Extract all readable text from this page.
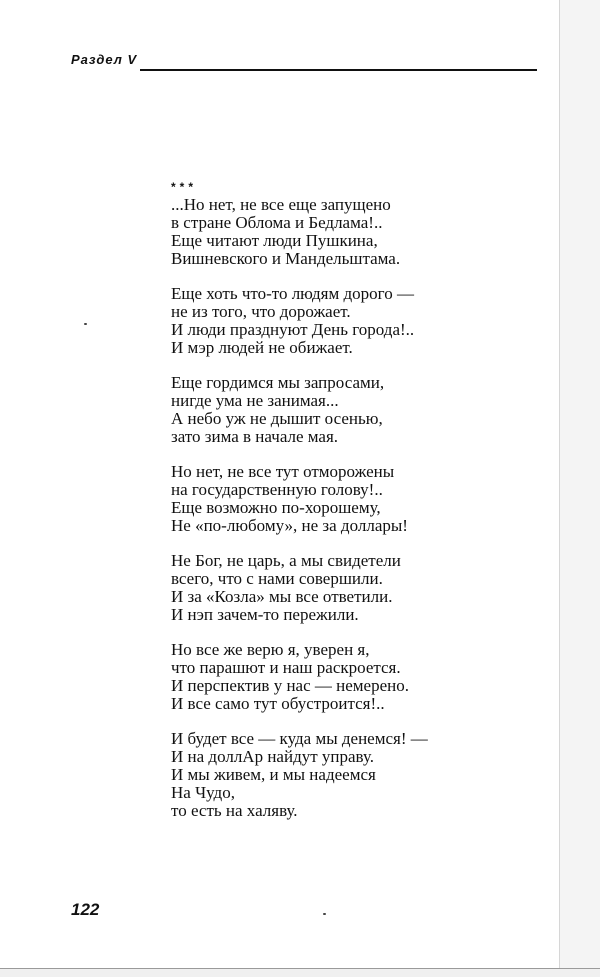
Раздел V
***
...Но нет, не все еще запущено
в стране Облома и Бедлама!..
Еще читают люди Пушкина,
Вишневского и Мандельштама.
Еще хоть что-то людям дорого —
не из того, что дорожает.
И люди празднуют День города!..
И мэр людей не обижает.
Еще гордимся мы запросами,
нигде ума не занимая...
А небо уж не дышит осенью,
зато зима в начале мая.
Но нет, не все тут отморожены
на государственную голову!..
Еще возможно по-хорошему,
Не «по-любому», не за доллары!
Не Бог, не царь, а мы свидетели
всего, что с нами совершили.
И за «Козла» мы все ответили.
И нэп зачем-то пережили.
Но все же верю я, уверен я,
что парашют и наш раскроется.
И перспектив у нас — немерено.
И все само тут обустроится!..
И будет все — куда мы денемся! —
И на доллАр найдут управу.
И мы живем, и мы надеемся
На Чудо,
то есть на халяву.
122
